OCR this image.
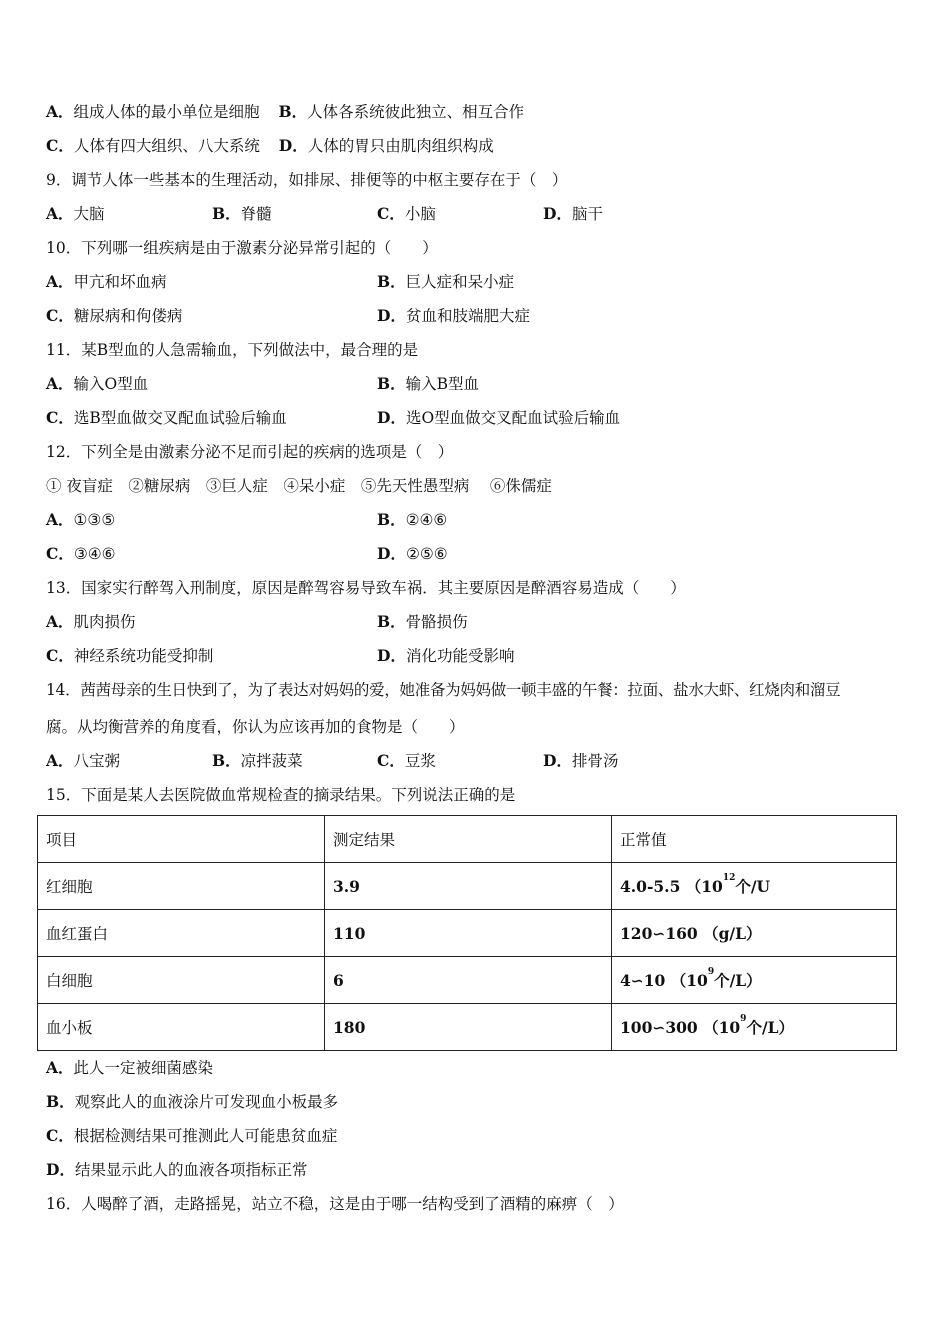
A．组成人体的最小单位是细胞 B．人体各系统彼此独立、相互合作
C．人体有四大组织、八大系统 D．人体的胃只由肌肉组织构成
9．调节人体一些基本的生理活动，如排尿、排便等的中枢主要存在于（　）
A．大脑	B．脊髓	C．小脑	D．脑干
10．下列哪一组疾病是由于激素分泌异常引起的（　　）
A．甲亢和坏血病	B．巨人症和呆小症
C．糖尿病和佝偻病	D．贫血和肢端肥大症
11．某B型血的人急需输血，下列做法中，最合理的是
A．输入O型血	B．输入B型血
C．选B型血做交叉配血试验后输血	D．选O型血做交叉配血试验后输血
12．下列全是由激素分泌不足而引起的疾病的选项是（　）
① 夜盲症　②糖尿病　③巨人症　④呆小症　⑤先天性愚型病　 ⑥侏儒症
A．①③⑤	B．②④⑥
C．③④⑥	D．②⑤⑥
13．国家实行醉驾入刑制度，原因是醉驾容易导致车祸．其主要原因是醉酒容易造成（　　）
A．肌肉损伤	B．骨骼损伤
C．神经系统功能受抑制	D．消化功能受影响
14．茜茜母亲的生日快到了，为了表达对妈妈的爱，她准备为妈妈做一顿丰盛的午餐：拉面、盐水大虾、红烧肉和溜豆
腐。从均衡营养的角度看，你认为应该再加的食物是（　　）
A．八宝粥	B．凉拌菠菜	C．豆浆	D．排骨汤
15．下面是某人去医院做血常规检查的摘录结果。下列说法正确的是
项目	测定结果	正常值
红细胞	3.9	4.0-5.5 （$10^{12}$个/U
血红蛋白	110	120∽160 （g/L）
白细胞	6	4∽10 （$10^9$个/L）
血小板	180	100∽300 （$10^9$个/L）
A．此人一定被细菌感染
B．观察此人的血液涂片可发现血小板最多
C．根据检测结果可推测此人可能患贫血症
D．结果显示此人的血液各项指标正常
16．人喝醉了酒，走路摇晃，站立不稳，这是由于哪一结构受到了酒精的麻痹（　）
